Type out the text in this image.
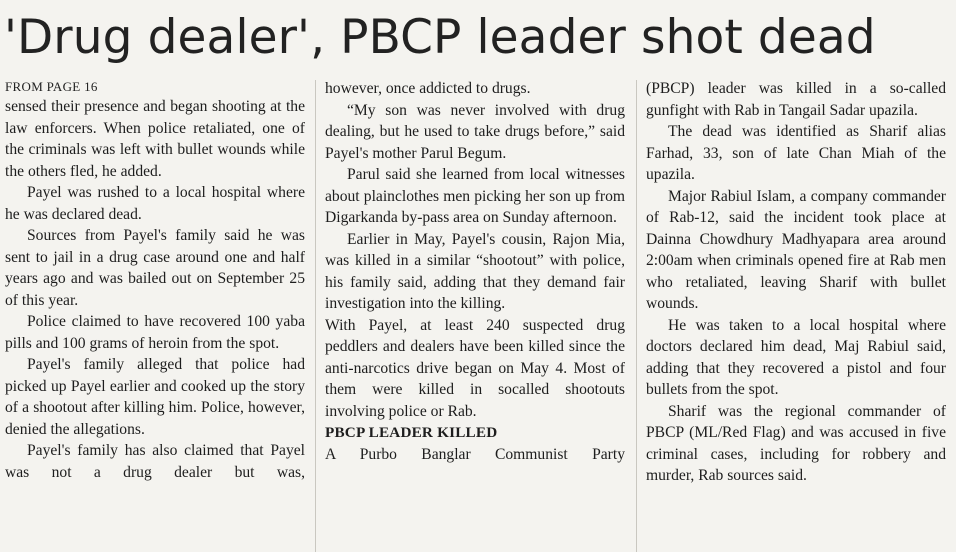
'Drug dealer', PBCP leader shot dead
FROM PAGE 16

sensed their presence and began shooting at the law enforcers. When police retaliated, one of the criminals was left with bullet wounds while the others fled, he added.

Payel was rushed to a local hospital where he was declared dead.

Sources from Payel's family said he was sent to jail in a drug case around one and half years ago and was bailed out on September 25 of this year.

Police claimed to have recovered 100 yaba pills and 100 grams of heroin from the spot.

Payel's family alleged that police had picked up Payel earlier and cooked up the story of a shootout after killing him. Police, however, denied the allegations.

Payel's family has also claimed that Payel was not a drug dealer but was,

however, once addicted to drugs.

“My son was never involved with drug dealing, but he used to take drugs before,” said Payel's mother Parul Begum.

Parul said she learned from local witnesses about plainclothes men picking her son up from Digarkanda by-pass area on Sunday afternoon.

Earlier in May, Payel's cousin, Rajon Mia, was killed in a similar “shootout” with police, his family said, adding that they demand fair investigation into the killing.

With Payel, at least 240 suspected drug peddlers and dealers have been killed since the anti-narcotics drive began on May 4. Most of them were killed in socalled shootouts involving police or Rab.

PBCP LEADER KILLED

A Purbo Banglar Communist Party

(PBCP) leader was killed in a so-called gunfight with Rab in Tangail Sadar upazila.

The dead was identified as Sharif alias Farhad, 33, son of late Chan Miah of the upazila.

Major Rabiul Islam, a company commander of Rab-12, said the incident took place at Dainna Chowdhury Madhyapara area around 2:00am when criminals opened fire at Rab men who retaliated, leaving Sharif with bullet wounds.

He was taken to a local hospital where doctors declared him dead, Maj Rabiul said, adding that they recovered a pistol and four bullets from the spot.

Sharif was the regional commander of PBCP (ML/Red Flag) and was accused in five criminal cases, including for robbery and murder, Rab sources said.
